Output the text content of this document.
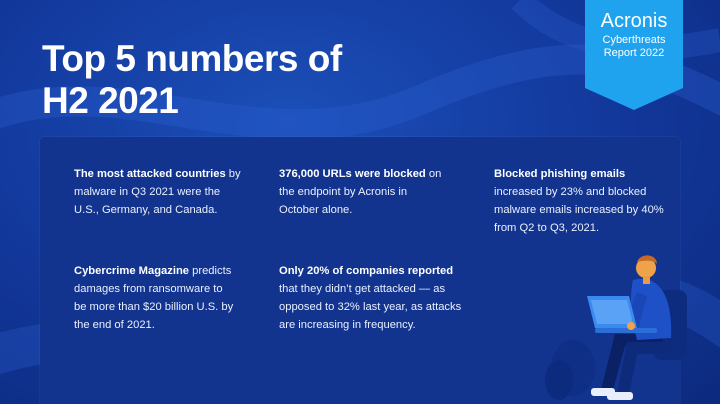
Top 5 numbers of
H2 2021
Acronis
Cyberthreats
Report 2022

The most attacked countries by malware in Q3 2021 were the U.S., Germany, and Canada.

376,000 URLs were blocked on the endpoint by Acronis in October alone.

Blocked phishing emails increased by 23% and blocked malware emails increased by 40% from Q2 to Q3, 2021.

Cybercrime Magazine predicts damages from ransomware to be more than $20 billion U.S. by the end of 2021.

Only 20% of companies reported that they didn’t get attacked — as opposed to 32% last year, as attacks are increasing in frequency.
